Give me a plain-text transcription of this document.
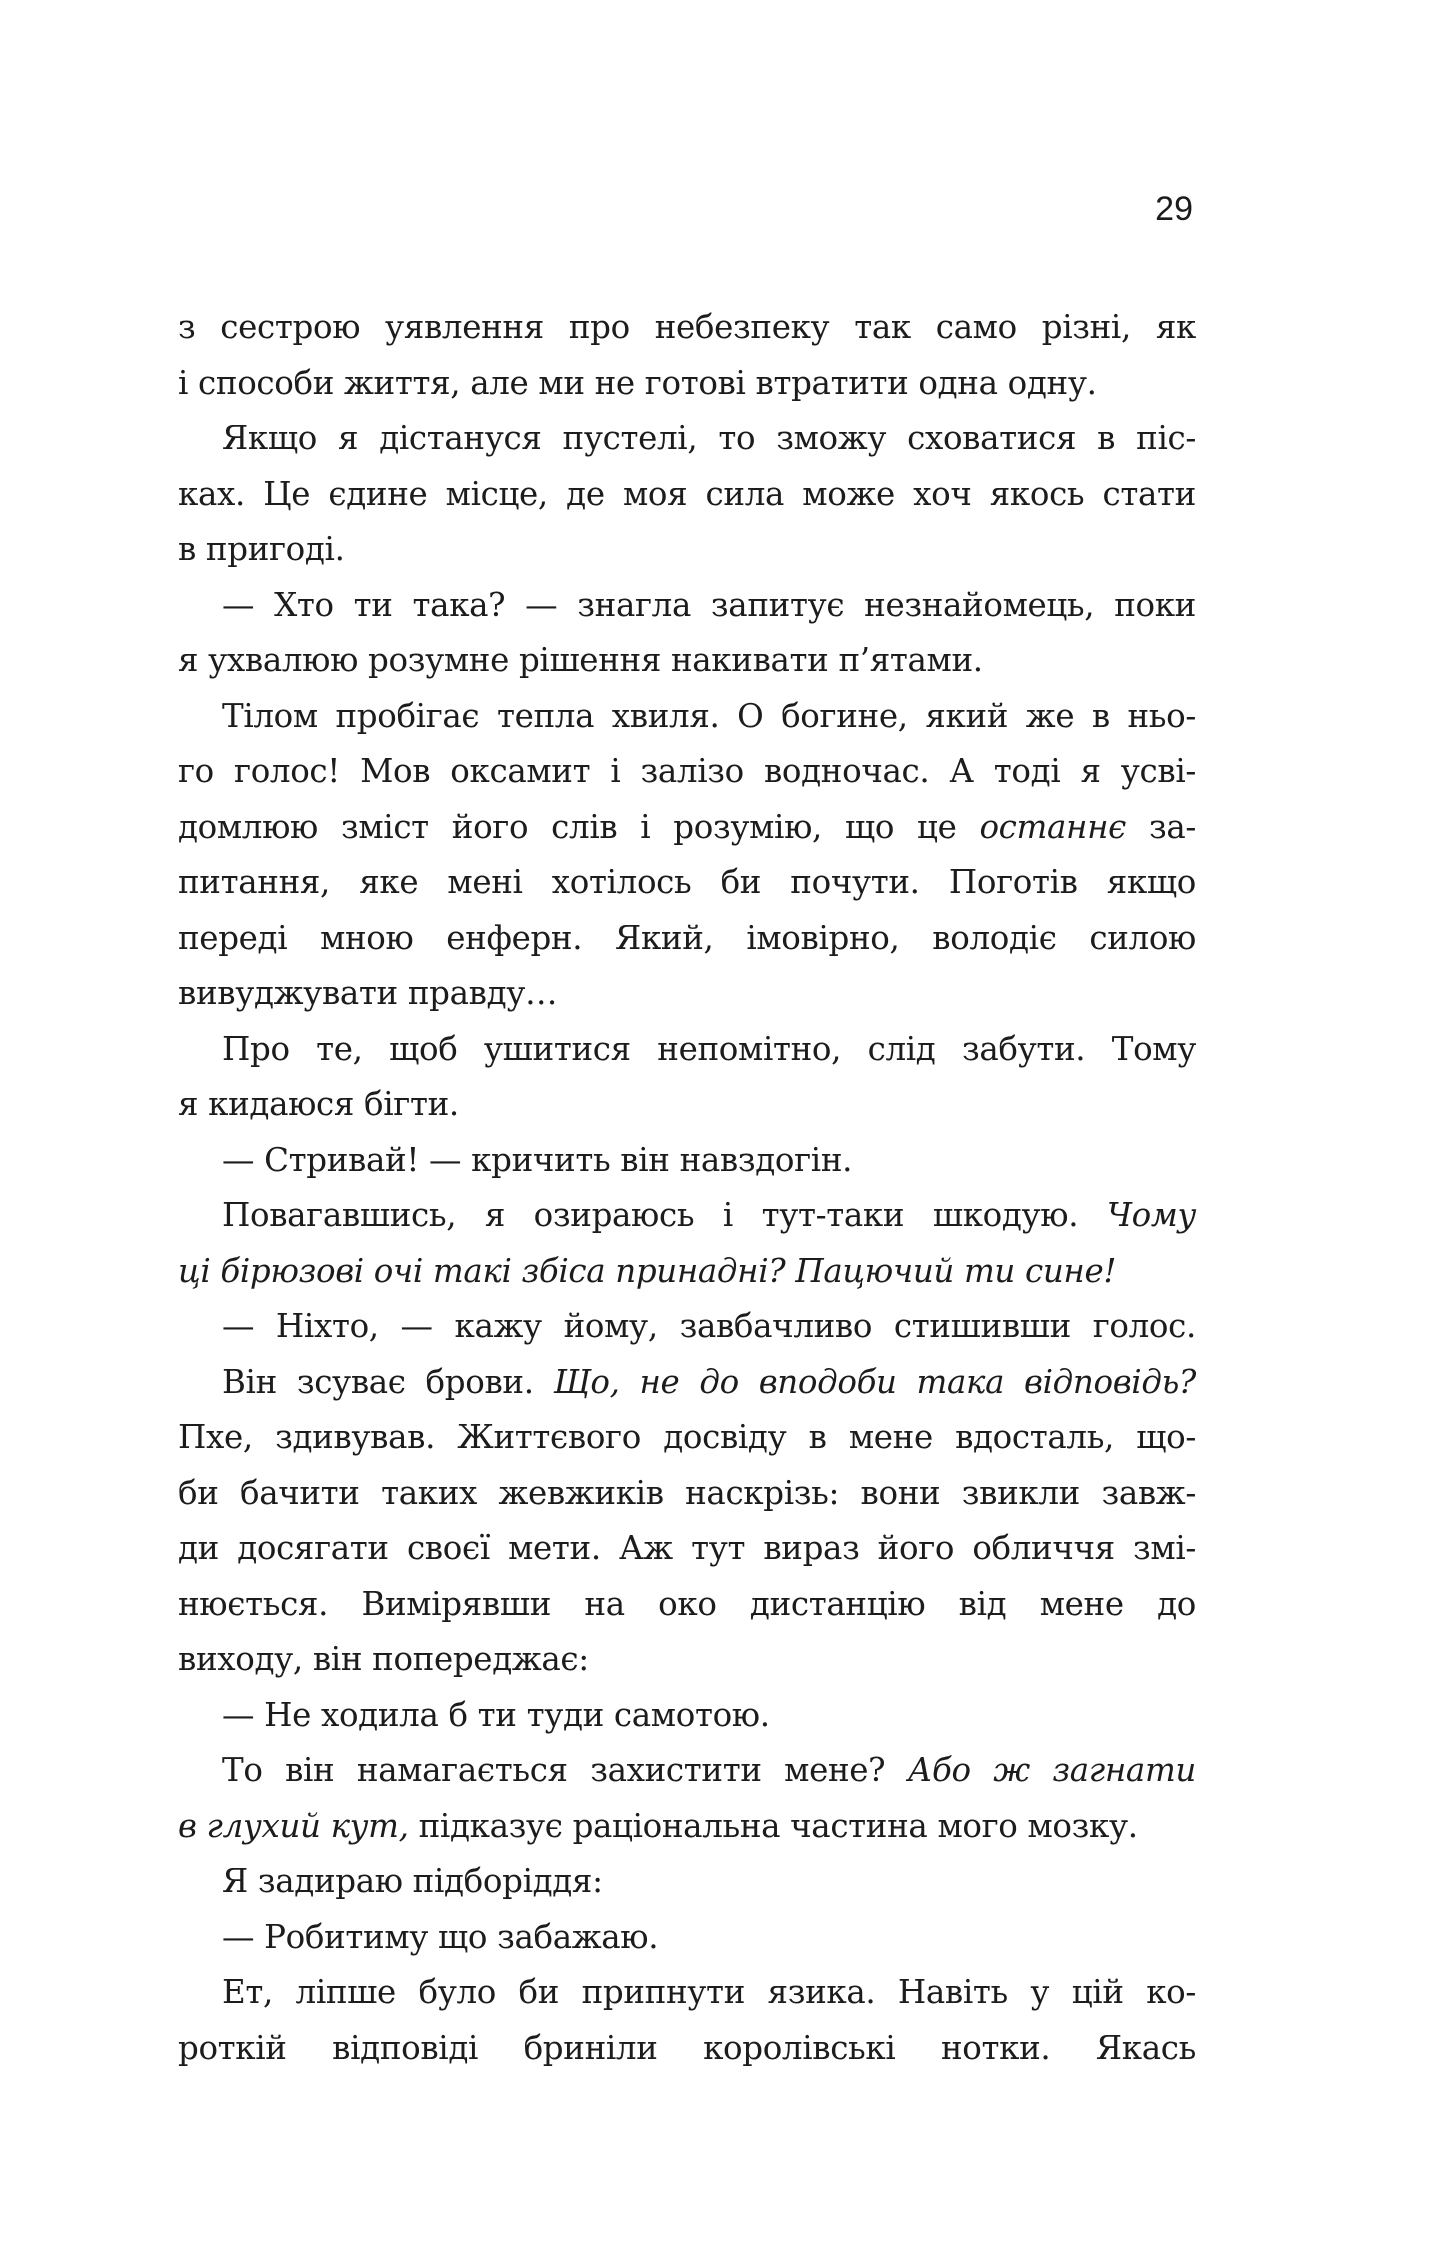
29
з сестрою уявлення про небезпеку так само різні, як
і способи життя, але ми не готові втратити одна одну.
Якщо я дістануся пустелі, то зможу сховатися в піс-
ках. Це єдине місце, де моя сила може хоч якось стати
в пригоді.
— Хто ти така? — знагла запитує незнайомець, поки
я ухвалюю розумне рішення накивати п’ятами.
Тілом пробігає тепла хвиля. О богине, який же в ньо-
го голос! Мов оксамит і залізо водночас. А тоді я усві-
домлюю зміст його слів і розумію, що це останнє за-
питання, яке мені хотілось би почути. Поготів якщо
переді мною енферн. Який, імовірно, володіє силою
вивуджувати правду…
Про те, щоб ушитися непомітно, слід забути. Тому
я кидаюся бігти.
— Стривай! — кричить він навздогін.
Повагавшись, я озираюсь і тут-таки шкодую. Чому
ці бірюзові очі такі збіса принадні? Пацючий ти сине!
— Ніхто, — кажу йому, завбачливо стишивши голос.
Він зсуває брови. Що, не до вподоби така відповідь?
Пхе, здивував. Життєвого досвіду в мене вдосталь, що-
би бачити таких жевжиків наскрізь: вони звикли завж-
ди досягати своєї мети. Аж тут вираз його обличчя змі-
нюється. Вимірявши на око дистанцію від мене до
виходу, він попереджає:
— Не ходила б ти туди самотою.
То він намагається захистити мене? Або ж загнати
в глухий кут, підказує раціональна частина мого мозку.
Я задираю підборіддя:
— Робитиму що забажаю.
Ет, ліпше було би припнути язика. Навіть у цій ко-
роткій відповіді бриніли королівські нотки. Якась
